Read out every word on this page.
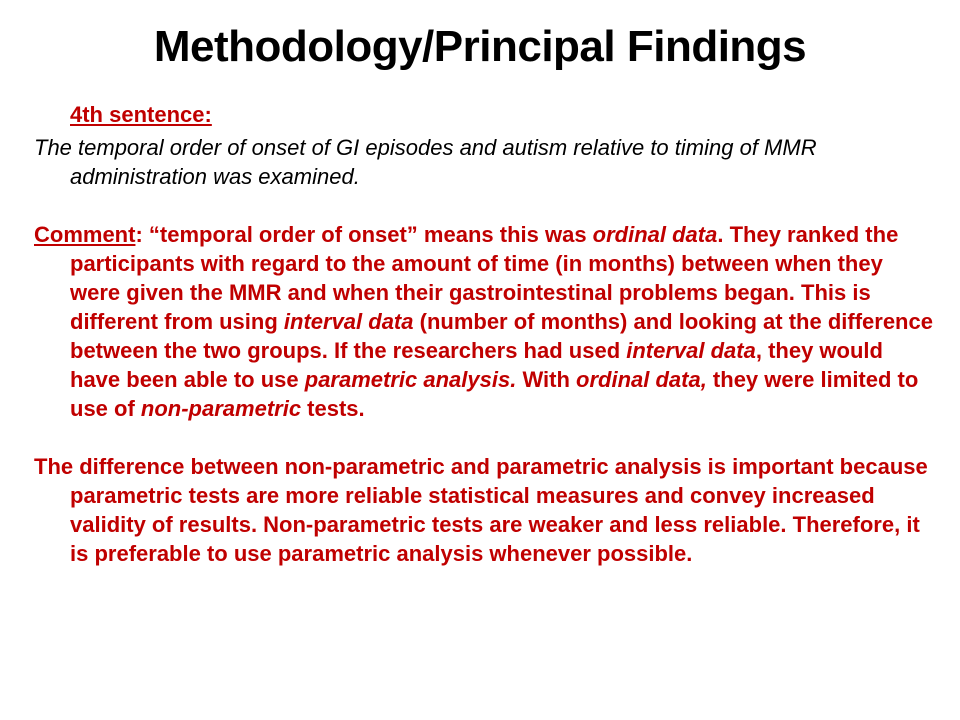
Methodology/Principal Findings
4th sentence:

The temporal order of onset of GI episodes and autism relative to timing of MMR administration was examined.

Comment: “temporal order of onset” means this was ordinal data. They ranked the participants with regard to the amount of time (in months) between when they were given the MMR and when their gastrointestinal problems began. This is different from using interval data (number of months) and looking at the difference between the two groups. If the researchers had used interval data, they would have been able to use parametric analysis. With ordinal data, they were limited to use of non-parametric tests.

The difference between non-parametric and parametric analysis is important because parametric tests are more reliable statistical measures and convey increased validity of results. Non-parametric tests are weaker and less reliable. Therefore, it is preferable to use parametric analysis whenever possible.
